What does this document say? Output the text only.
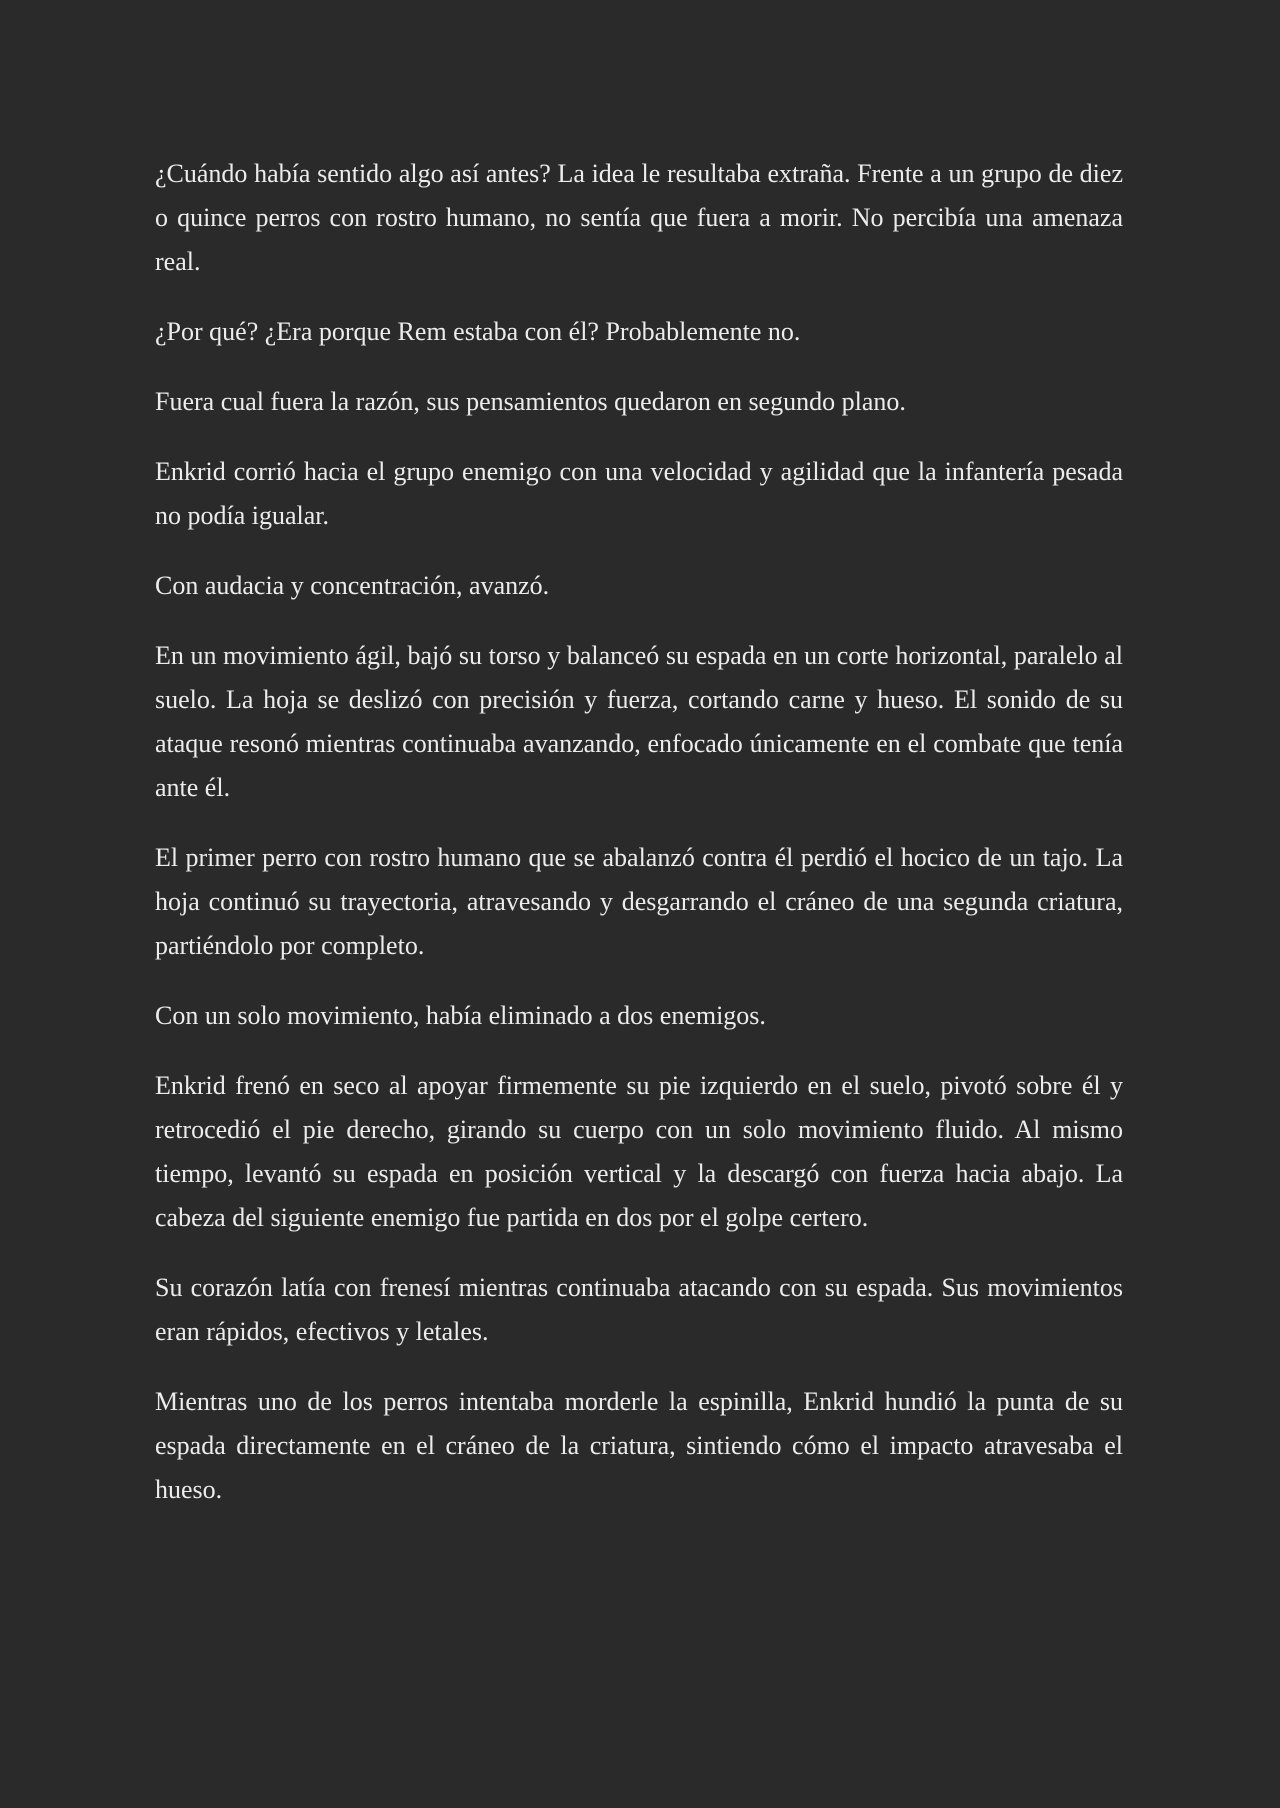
¿Cuándo había sentido algo así antes? La idea le resultaba extraña. Frente a un grupo de diez o quince perros con rostro humano, no sentía que fuera a morir. No percibía una amenaza real.

¿Por qué? ¿Era porque Rem estaba con él? Probablemente no.

Fuera cual fuera la razón, sus pensamientos quedaron en segundo plano.

Enkrid corrió hacia el grupo enemigo con una velocidad y agilidad que la infantería pesada no podía igualar.

Con audacia y concentración, avanzó.

En un movimiento ágil, bajó su torso y balanceó su espada en un corte horizontal, paralelo al suelo. La hoja se deslizó con precisión y fuerza, cortando carne y hueso. El sonido de su ataque resonó mientras continuaba avanzando, enfocado únicamente en el combate que tenía ante él.

El primer perro con rostro humano que se abalanzó contra él perdió el hocico de un tajo. La hoja continuó su trayectoria, atravesando y desgarrando el cráneo de una segunda criatura, partiéndolo por completo.

Con un solo movimiento, había eliminado a dos enemigos.

Enkrid frenó en seco al apoyar firmemente su pie izquierdo en el suelo, pivotó sobre él y retrocedió el pie derecho, girando su cuerpo con un solo movimiento fluido. Al mismo tiempo, levantó su espada en posición vertical y la descargó con fuerza hacia abajo. La cabeza del siguiente enemigo fue partida en dos por el golpe certero.

Su corazón latía con frenesí mientras continuaba atacando con su espada. Sus movimientos eran rápidos, efectivos y letales.

Mientras uno de los perros intentaba morderle la espinilla, Enkrid hundió la punta de su espada directamente en el cráneo de la criatura, sintiendo cómo el impacto atravesaba el hueso.
